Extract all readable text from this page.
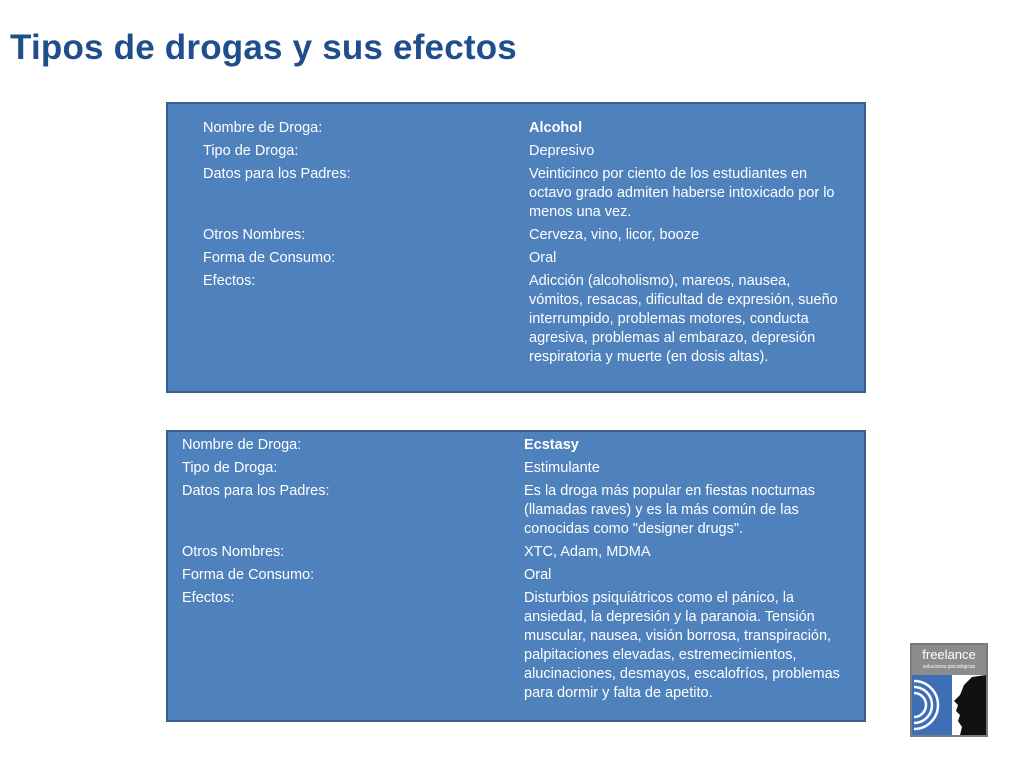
Tipos de drogas y sus efectos
Nombre de Droga:	Alcohol
Tipo de Droga:	Depresivo
Datos para los Padres:	Veinticinco por ciento de los estudiantes en octavo grado admiten haberse intoxicado por lo menos una vez.
Otros Nombres:	Cerveza, vino, licor, booze
Forma de Consumo:	Oral
Efectos:	Adicción (alcoholismo), mareos, nausea, vómitos, resacas, dificultad de expresión, sueño interrumpido, problemas motores, conducta agresiva, problemas al embarazo, depresión respiratoria y muerte (en dosis altas).
Nombre de Droga:	Ecstasy
Tipo de Droga:	Estimulante
Datos para los Padres:	Es la droga más popular en fiestas nocturnas (llamadas raves) y es la más común de las conocidas como "designer drugs".
Otros Nombres:	XTC, Adam, MDMA
Forma de Consumo:	Oral
Efectos:	Disturbios psiquiátricos como el pánico, la ansiedad, la depresión y la paranoia. Tensión muscular, nausea, visión borrosa, transpiración, palpitaciones elevadas, estremecimientos, alucinaciones, desmayos, escalofríos, problemas para dormir y falta de apetito.
freelance
soluciones psicológicas
